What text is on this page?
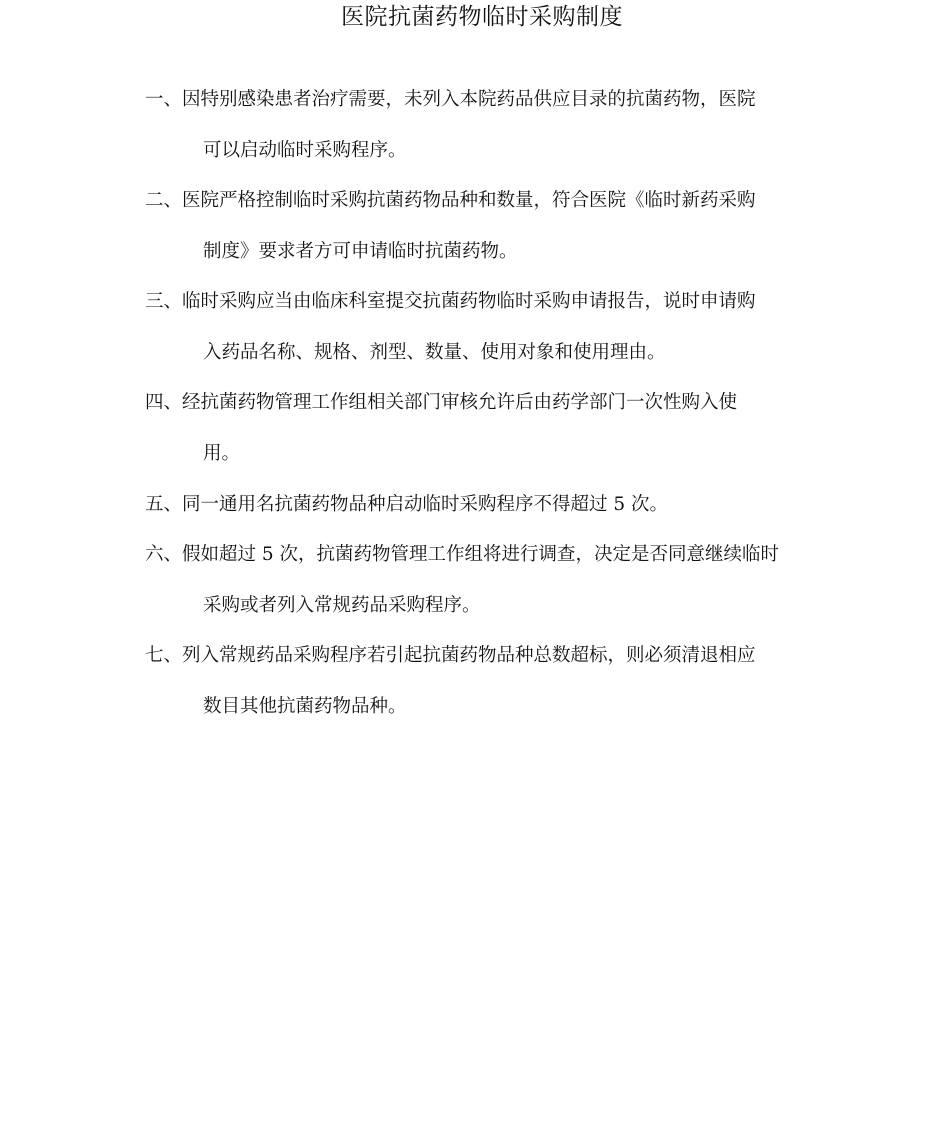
医院抗菌药物临时采购制度
一、因特别感染患者治疗需要，未列入本院药品供应目录的抗菌药物，医院
可以启动临时采购程序。
二、医院严格控制临时采购抗菌药物品种和数量，符合医院《临时新药采购
制度》要求者方可申请临时抗菌药物。
三、临时采购应当由临床科室提交抗菌药物临时采购申请报告，说时申请购
入药品名称、规格、剂型、数量、使用对象和使用理由。
四、经抗菌药物管理工作组相关部门审核允许后由药学部门一次性购入使
用。
五、同一通用名抗菌药物品种启动临时采购程序不得超过 5 次。
六、假如超过 5 次，抗菌药物管理工作组将进行调查，决定是否同意继续临时
采购或者列入常规药品采购程序。
七、列入常规药品采购程序若引起抗菌药物品种总数超标，则必须清退相应
数目其他抗菌药物品种。
